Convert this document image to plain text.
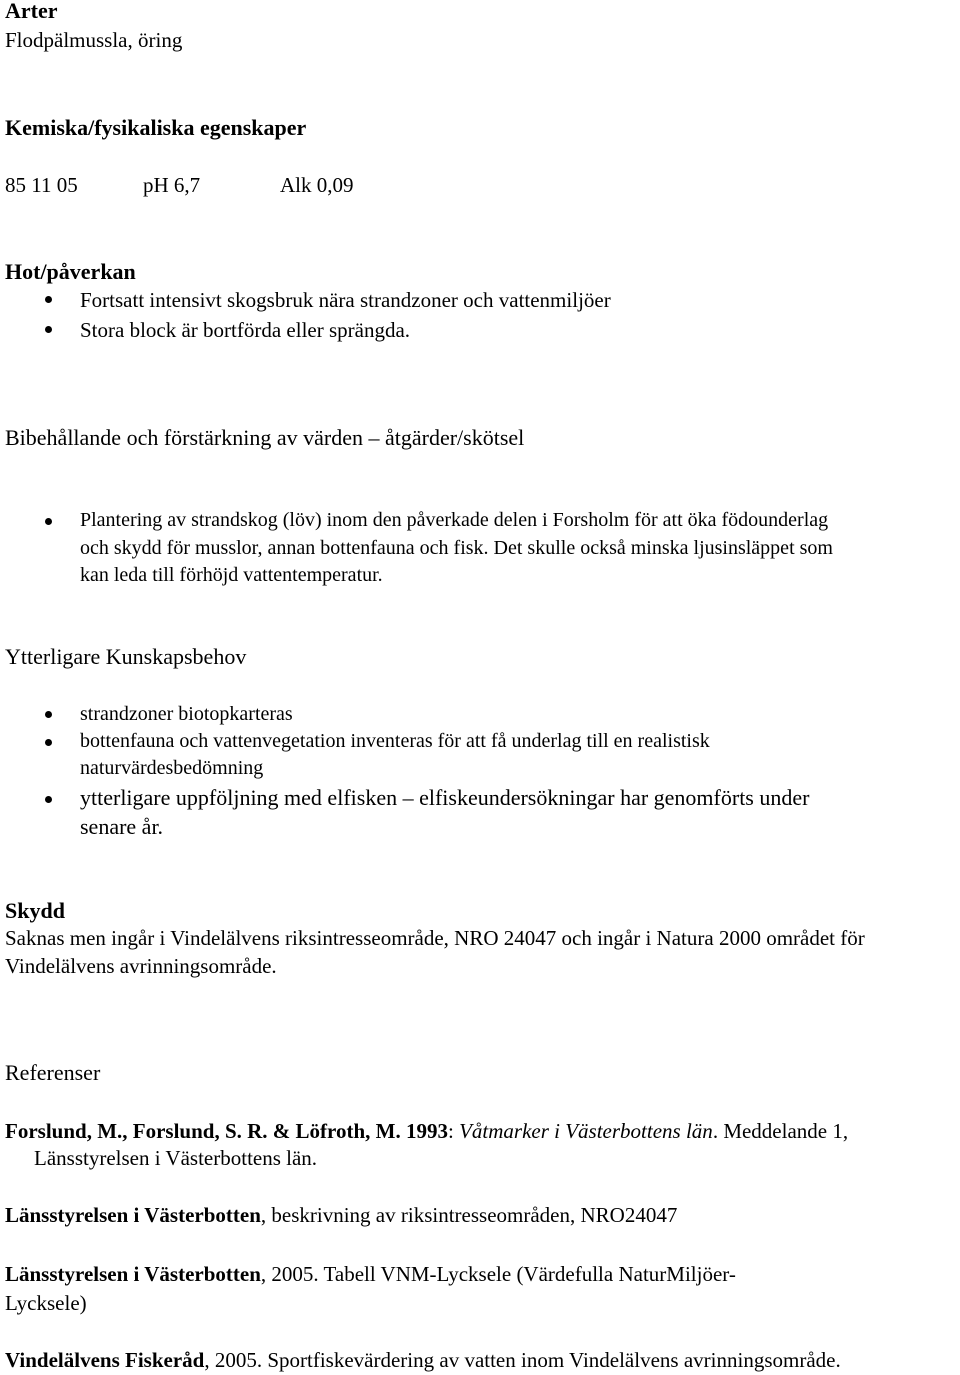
Arter
Flodpälmussla, öring
Kemiska/fysikaliska egenskaper
85 11 05	pH 6,7	Alk 0,09
Hot/påverkan
Fortsatt intensivt skogsbruk nära strandzoner och vattenmiljöer
Stora block är bortförda eller sprängda.
Bibehållande och förstärkning av värden – åtgärder/skötsel
Plantering av strandskog (löv) inom den påverkade delen i Forsholm för att öka födounderlag
och skydd för musslor, annan bottenfauna och fisk. Det skulle också minska ljusinsläppet som
kan leda till förhöjd vattentemperatur.
Ytterligare Kunskapsbehov
strandzoner biotopkarteras
bottenfauna och vattenvegetation inventeras för att få underlag till en realistisk
naturvärdesbedömning
ytterligare uppföljning med elfisken – elfiskeundersökningar har genomförts under
senare år.
Skydd
Saknas men ingår i Vindelälvens riksintresseområde, NRO 24047 och ingår i Natura 2000 området för
Vindelälvens avrinningsområde.
Referenser
Forslund, M., Forslund, S. R. & Löfroth, M. 1993: Våtmarker i Västerbottens län. Meddelande 1,
Länsstyrelsen i Västerbottens län.
Länsstyrelsen i Västerbotten, beskrivning av riksintresseområden, NRO24047
Länsstyrelsen i Västerbotten, 2005. Tabell VNM-Lycksele (Värdefulla NaturMiljöer-
Lycksele)
Vindelälvens Fiskeråd, 2005. Sportfiskevärdering av vatten inom Vindelälvens avrinningsområde.
